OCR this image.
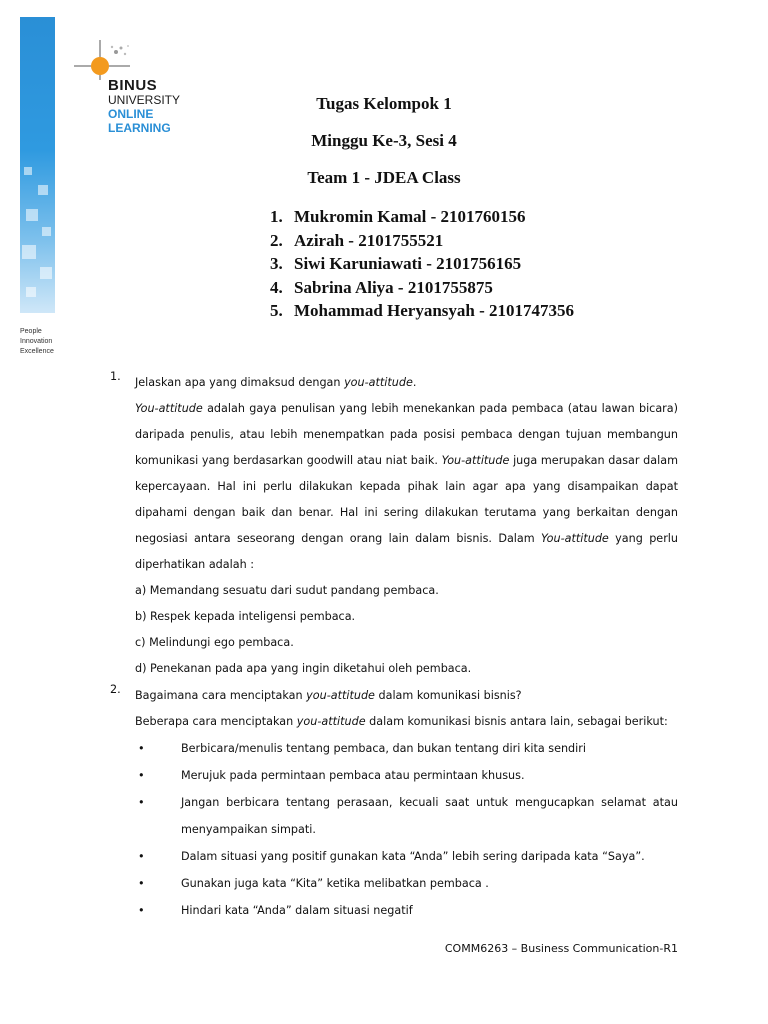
People
Innovation
Excellence
BINUS
UNIVERSITY
ONLINE
LEARNING
Tugas Kelompok 1
Minggu Ke-3, Sesi 4
Team 1 - JDEA Class
1. Mukromin Kamal - 2101760156
2. Azirah - 2101755521
3. Siwi Karuniawati - 2101756165
4. Sabrina Aliya - 2101755875
5. Mohammad Heryansyah - 2101747356
1.	Jelaskan apa yang dimaksud dengan you-attitude.

You-attitude adalah gaya penulisan yang lebih menekankan pada pembaca (atau lawan bicara) daripada penulis, atau lebih menempatkan pada posisi pembaca dengan tujuan membangun komunikasi yang berdasarkan goodwill atau niat baik. You-attitude juga merupakan dasar dalam kepercayaan. Hal ini perlu dilakukan kepada pihak lain agar apa yang disampaikan dapat dipahami dengan baik dan benar. Hal ini sering dilakukan terutama yang berkaitan dengan negosiasi antara seseorang dengan orang lain dalam bisnis. Dalam You-attitude yang perlu diperhatikan adalah :

a) Memandang sesuatu dari sudut pandang pembaca.

b) Respek kepada inteligensi pembaca.

c) Melindungi ego pembaca.

d) Penekanan pada apa yang ingin diketahui oleh pembaca.

2.	Bagaimana cara menciptakan you-attitude dalam komunikasi bisnis?

Beberapa cara menciptakan you-attitude dalam komunikasi bisnis antara lain, sebagai berikut:

•	Berbicara/menulis tentang pembaca, dan bukan tentang diri kita sendiri
•	Merujuk pada permintaan pembaca atau permintaan khusus.
•	Jangan berbicara tentang perasaan, kecuali saat untuk mengucapkan selamat atau menyampaikan simpati.
•	Dalam situasi yang positif gunakan kata “Anda” lebih sering daripada kata “Saya”.
•	Gunakan juga kata “Kita” ketika melibatkan pembaca .
•	Hindari kata “Anda” dalam situasi negatif
COMM6263 – Business Communication-R1
